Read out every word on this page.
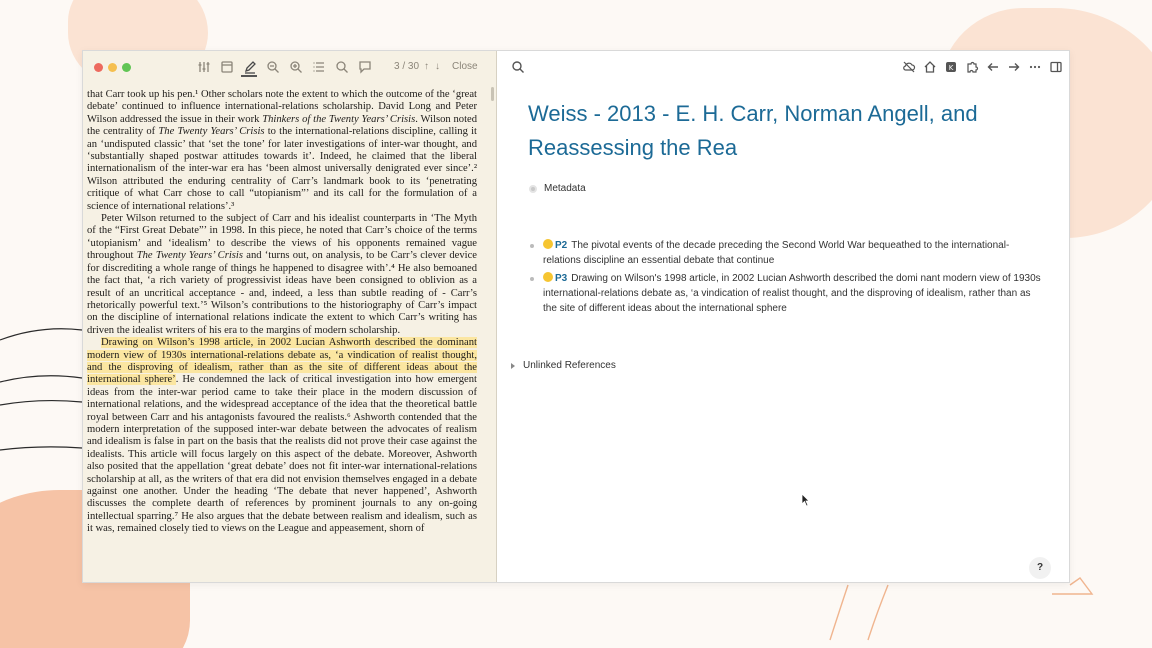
3 / 30 ↑ ↓ Close

that Carr took up his pen.¹ Other scholars note the extent to which the outcome of the ‘great debate’ continued to influence international-relations scholarship. David Long and Peter Wilson addressed the issue in their work Thinkers of the Twenty Years’ Crisis. Wilson noted the centrality of The Twenty Years’ Crisis to the international-relations discipline, calling it an ‘undisputed classic’ that ‘set the tone’ for later investigations of inter-war thought, and ‘substantially shaped postwar attitudes towards it’. Indeed, he claimed that the liberal internationalism of the inter-war era has ‘been almost universally denigrated ever since’.² Wilson attributed the enduring centrality of Carr’s landmark book to its ‘penetrating critique of what Carr chose to call “utopianism”’ and its call for the formulation of a science of international relations’.³

Peter Wilson returned to the subject of Carr and his idealist counterparts in ‘The Myth of the “First Great Debate”’ in 1998. In this piece, he noted that Carr’s choice of the terms ‘utopianism’ and ‘idealism’ to describe the views of his opponents remained vague throughout The Twenty Years’ Crisis and ‘turns out, on analysis, to be Carr’s clever device for discrediting a whole range of things he happened to disagree with’.⁴ He also bemoaned the fact that, ‘a rich variety of progressivist ideas have been consigned to oblivion as a result of an uncritical acceptance - and, indeed, a less than subtle reading of - Carr’s rhetorically powerful text.’⁵ Wilson’s contributions to the historiography of Carr’s impact on the discipline of international relations indicate the extent to which Carr’s writing has driven the idealist writers of his era to the margins of modern scholarship.

Drawing on Wilson’s 1998 article, in 2002 Lucian Ashworth described the dominant modern view of 1930s international-relations debate as, ‘a vindication of realist thought, and the disproving of idealism, rather than as the site of different ideas about the international sphere’. He condemned the lack of critical investigation into how emergent ideas from the inter-war period came to take their place in the modern discussion of international relations, and the widespread acceptance of the idea that the theoretical battle royal between Carr and his antagonists favoured the realists.⁶ Ashworth contended that the modern interpretation of the supposed inter-war debate between the advocates of realism and idealism is false in part on the basis that the realists did not prove their case against the idealists. This article will focus largely on this aspect of the debate. Moreover, Ashworth also posited that the appellation ‘great debate’ does not fit inter-war international-relations scholarship at all, as the writers of that era did not envision themselves engaged in a debate against one another. Under the heading ‘The debate that never happened’, Ashworth discusses the complete dearth of references by prominent journals to any on-going intellectual sparring.⁷ He also argues that the debate between realism and idealism, such as it was, remained closely tied to views on the League and appeasement, shorn of

K
Weiss - 2013 - E. H. Carr, Norman Angell, and Reassessing the Rea
Metadata
P2 The pivotal events of the decade preceding the Second World War bequeathed to the international-relations discipline an essential debate that continue
P3 Drawing on Wilson's 1998 article, in 2002 Lucian Ashworth described the domi nant modern view of 1930s international-relations debate as, ‘a vindication of realist thought, and the disproving of idealism, rather than as the site of different ideas about the international sphere
Unlinked References
?
